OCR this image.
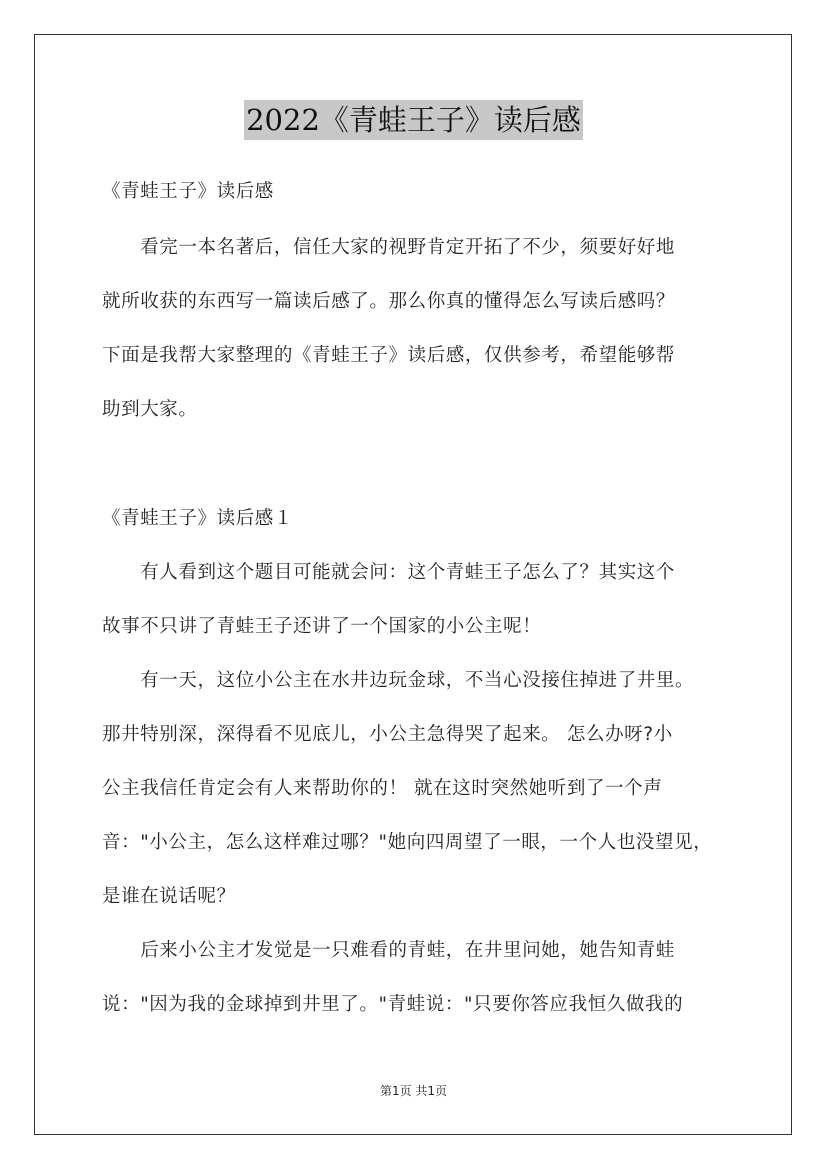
2022《青蛙王子》读后感
《青蛙王子》读后感
　　看完一本名著后，信任大家的视野肯定开拓了不少，须要好好地
就所收获的东西写一篇读后感了。那么你真的懂得怎么写读后感吗？
下面是我帮大家整理的《青蛙王子》读后感，仅供参考，希望能够帮
助到大家。
《青蛙王子》读后感１
　　有人看到这个题目可能就会问：这个青蛙王子怎么了？其实这个
故事不只讲了青蛙王子还讲了一个国家的小公主呢！
　　有一天，这位小公主在水井边玩金球，不当心没接住掉进了井里。
那井特别深，深得看不见底儿，小公主急得哭了起来。 怎么办呀?小
公主我信任肯定会有人来帮助你的！ 就在这时突然她听到了一个声
音："小公主，怎么这样难过哪？"她向四周望了一眼，一个人也没望见，
是谁在说话呢？
　　后来小公主才发觉是一只难看的青蛙，在井里问她，她告知青蛙
说："因为我的金球掉到井里了。"青蛙说："只要你答应我恒久做我的
第1页 共1页
